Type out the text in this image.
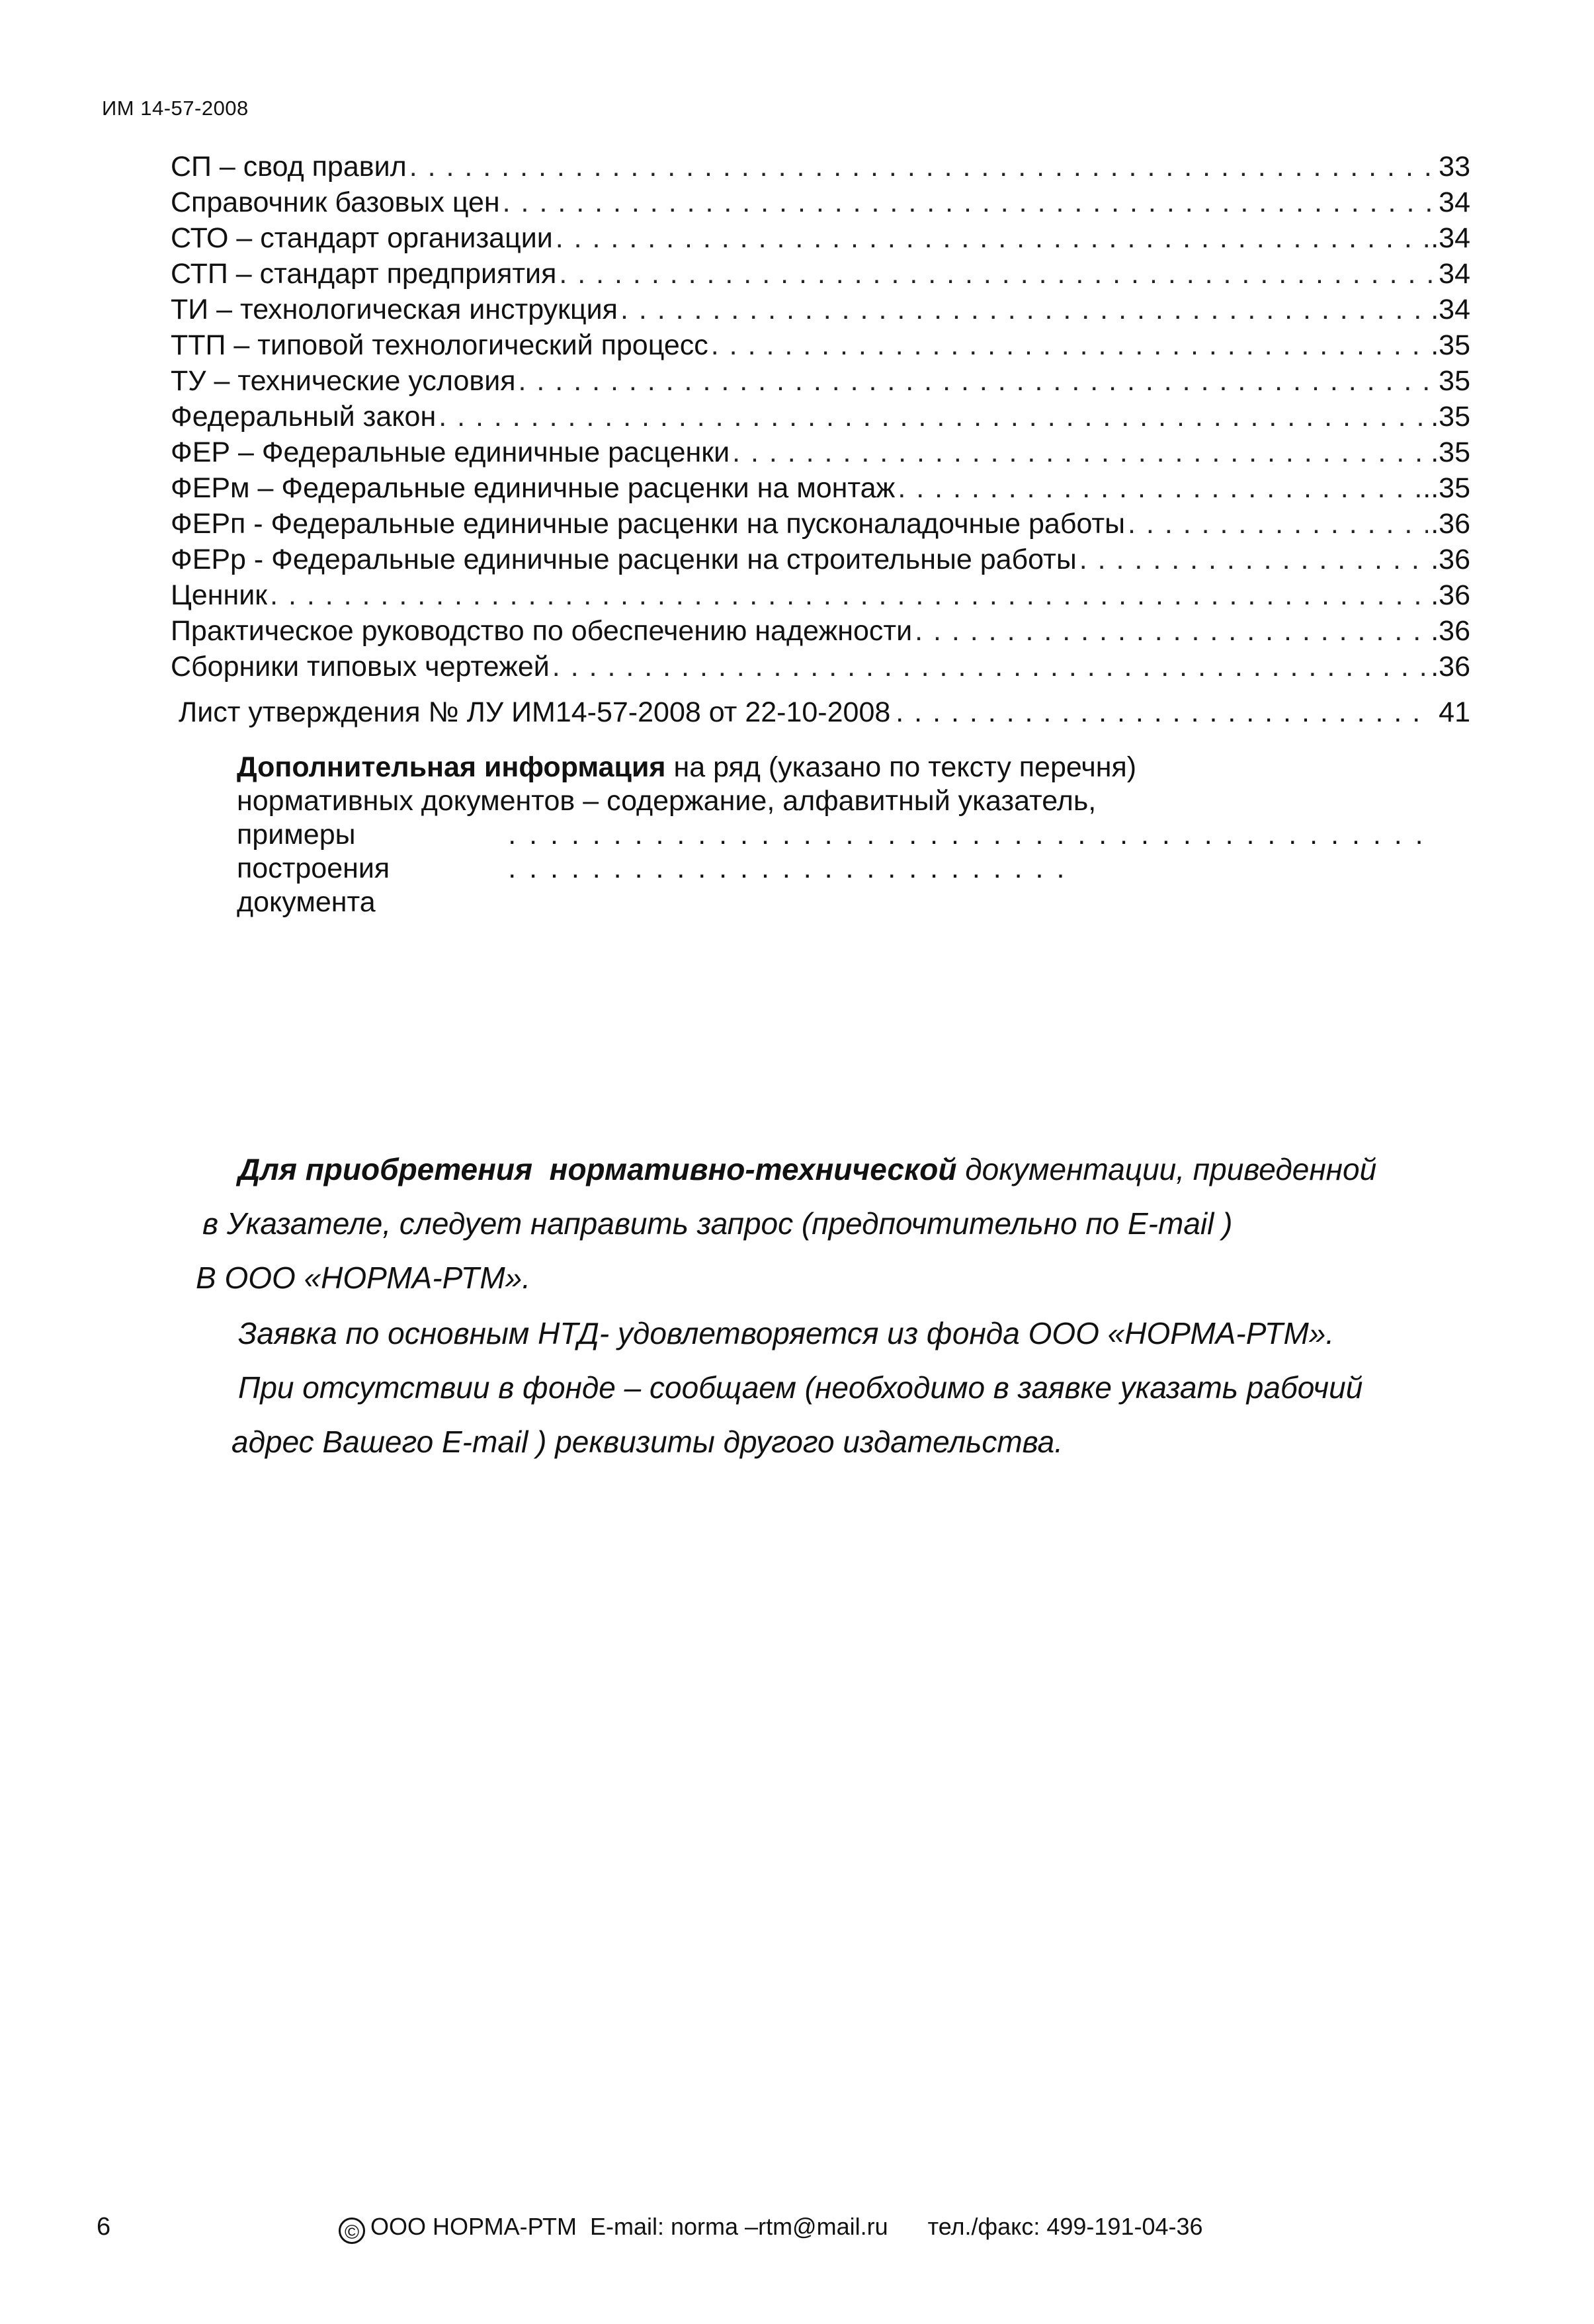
ИМ 14-57-2008
СП – свод правил . . .	33
Справочник базовых цен . . .	34
СТО – стандарт организации . . .	.34
СТП – стандарт предприятия . . .	34
ТИ – технологическая инструкция . . .	.34
ТТП – типовой технологический процесс . . .	.35
ТУ – технические условия . . .	35
Федеральный закон . . .	.35
ФЕР – Федеральные единичные расценки . . .	.35
ФЕРм – Федеральные единичные расценки на монтаж . . .	..35
ФЕРп - Федеральные единичные расценки на пусконаладочные работы . . .	.36
ФЕРр - Федеральные единичные расценки на строительные работы . . .	.36
Ценник . . .	.36
Практическое руководство по обеспечению надежности . . .	.36
Сборники типовых чертежей . . .	.36
Лист утверждения № ЛУ ИМ14-57-2008 от 22-10-2008 . . .	41
Дополнительная информация на ряд (указано по тексту перечня)
нормативных документов – содержание, алфавитный указатель,
примеры построения документа
. . .
Для приобретения нормативно-технической документации, приведенной
в Указателе, следует направить запрос (предпочтительно по E-mail )
В ООО «НОРМА-РТМ».
Заявка по основным НТД- удовлетворяется из фонда ООО «НОРМА-РТМ».
При отсутствии в фонде – сообщаем (необходимо в заявке указать рабочий
адрес Вашего E-mail ) реквизиты другого издательства.
6	© ООО НОРМА-РТМ E-mail: norma –rtm@mail.ru тел./факс: 499-191-04-36
